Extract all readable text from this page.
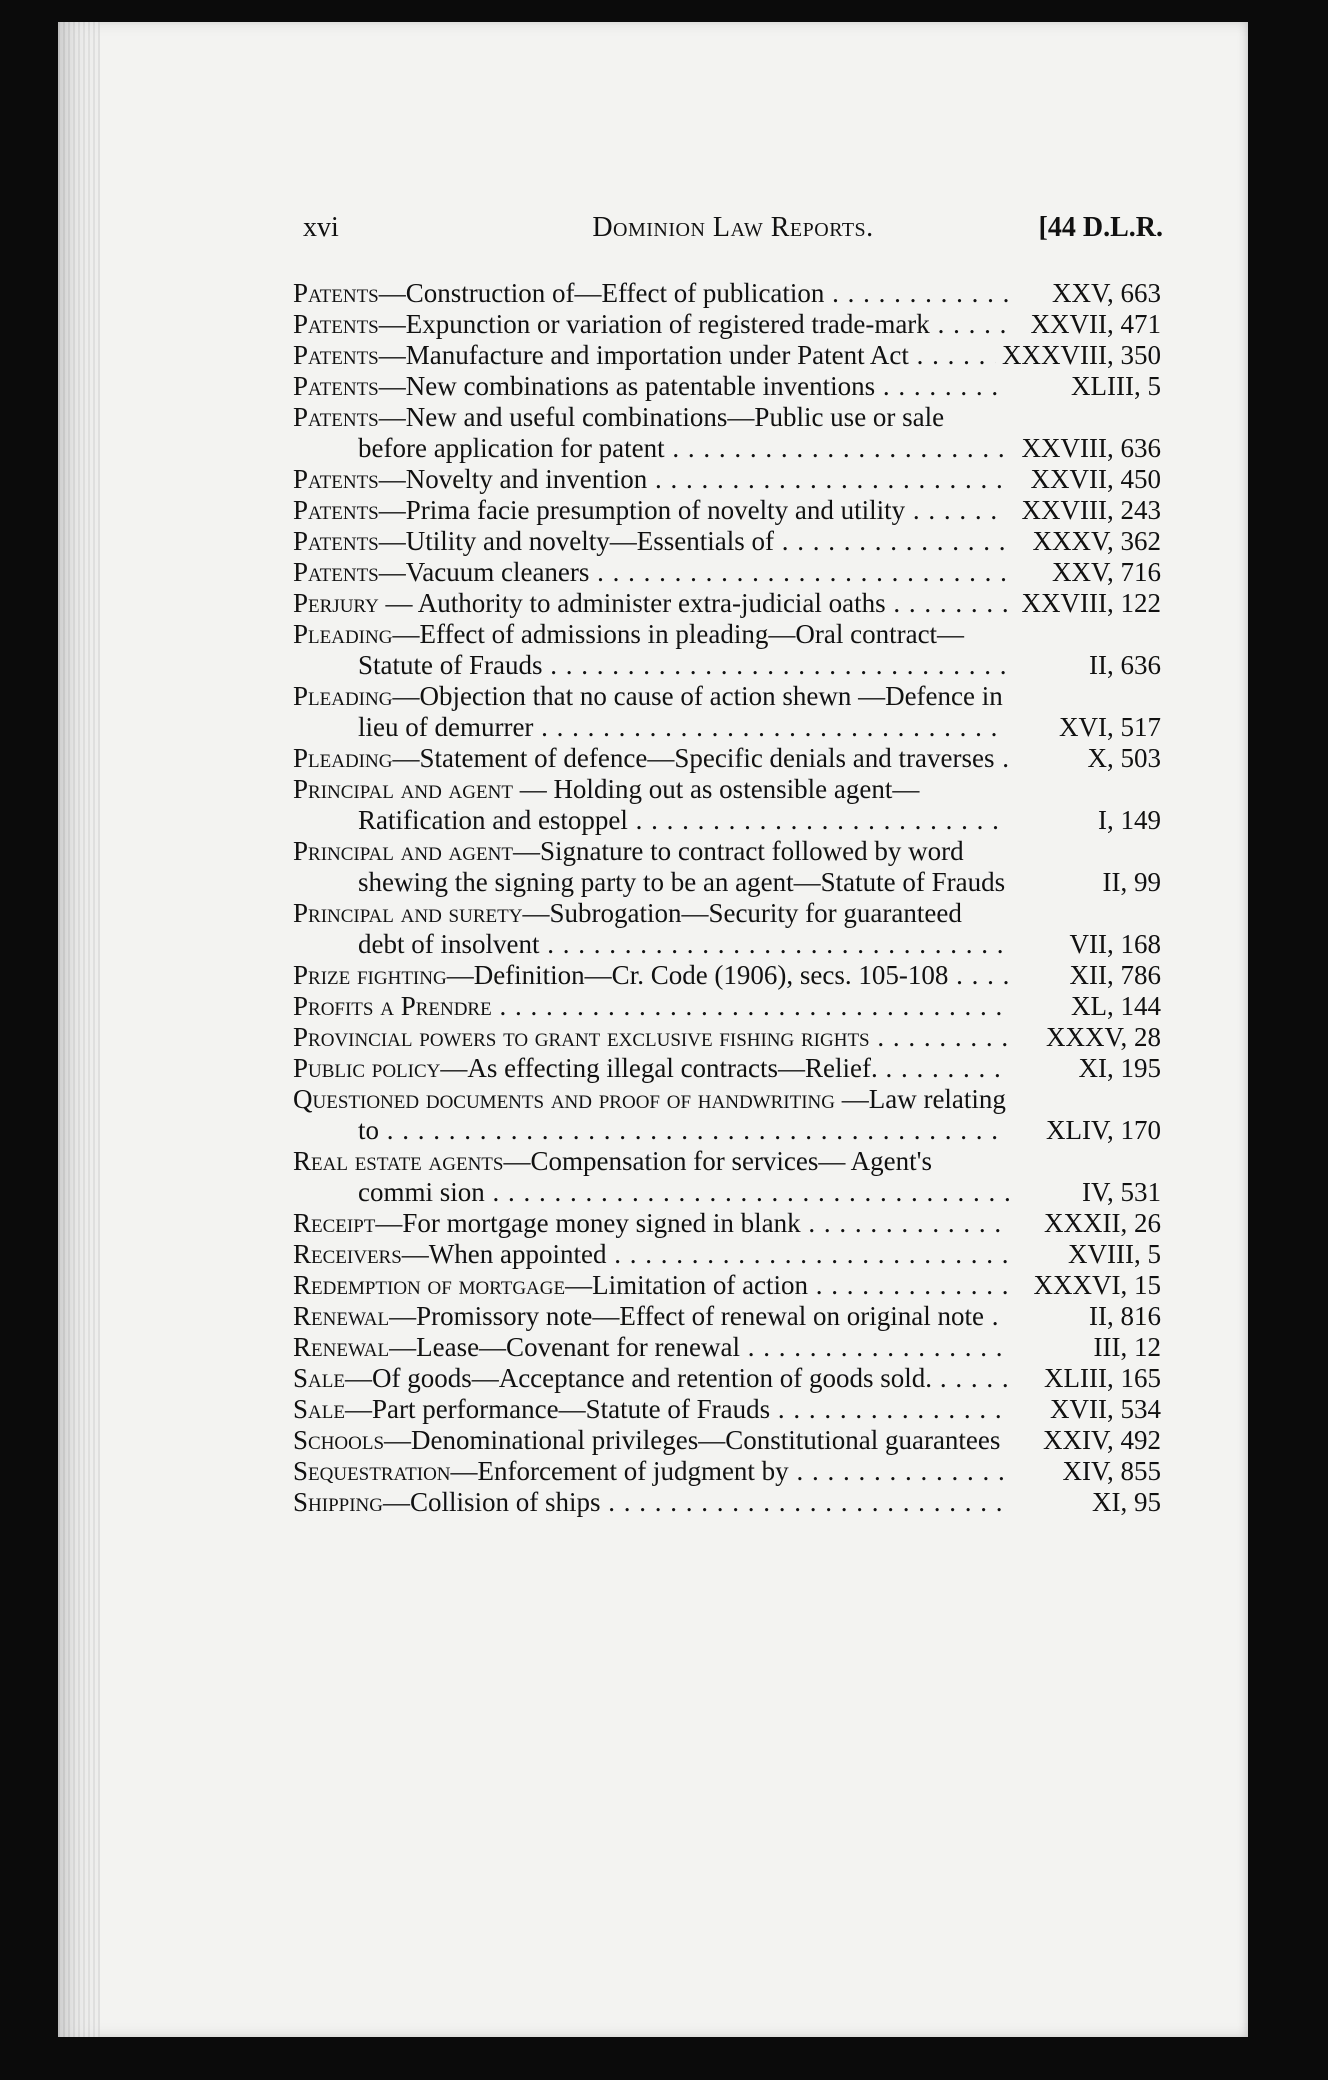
xvi	Dominion Law Reports.	[44 D.L.R.
Patents—Construction of—Effect of publication . . .	XXV, 663
Patents—Expunction or variation of registered trade-mark . . .	XXVII, 471
Patents—Manufacture and importation under Patent Act . . .	XXXVIII, 350
Patents—New combinations as patentable inventions . . .	XLIII, 5
Patents—New and useful combinations—Public use or sale before application for patent . . .	XXVIII, 636
Patents—Novelty and invention . . .	XXVII, 450
Patents—Prima facie presumption of novelty and utility . . .	XXVIII, 243
Patents—Utility and novelty—Essentials of . . .	XXXV, 362
Patents—Vacuum cleaners . . .	XXV, 716
Perjury — Authority to administer extra-judicial oaths . . .	XXVIII, 122
Pleading—Effect of admissions in pleading—Oral contract—Statute of Frauds . . .	II, 636
Pleading—Objection that no cause of action shewn —Defence in lieu of demurrer . . .	XVI, 517
Pleading—Statement of defence—Specific denials and traverses . . .	X, 503
Principal and agent — Holding out as ostensible agent—Ratification and estoppel . . .	I, 149
Principal and agent—Signature to contract followed by word shewing the signing party to be an agent—Statute of Frauds	II, 99
Principal and surety—Subrogation—Security for guaranteed debt of insolvent . . .	VII, 168
Prize fighting—Definition—Cr. Code (1906), secs. 105-108 . . .	XII, 786
Profits a Prendre . . .	XL, 144
Provincial powers to grant exclusive fishing rights . . .	XXXV, 28
Public policy—As effecting illegal contracts—Relief. . . .	XI, 195
Questioned documents and proof of handwriting —Law relating to . . .	XLIV, 170
Real estate agents—Compensation for services— Agent's commi sion . . .	IV, 531
Receipt—For mortgage money signed in blank . . .	XXXII, 26
Receivers—When appointed . . .	XVIII, 5
Redemption of mortgage—Limitation of action . . .	XXXVI, 15
Renewal—Promissory note—Effect of renewal on original note . . .	II, 816
Renewal—Lease—Covenant for renewal . . .	III, 12
Sale—Of goods—Acceptance and retention of goods sold. . . .	XLIII, 165
Sale—Part performance—Statute of Frauds . . .	XVII, 534
Schools—Denominational privileges—Constitutional guarantees XXIV, 492
Sequestration—Enforcement of judgment by . . .	XIV, 855
Shipping—Collision of ships . . .	XI, 95
